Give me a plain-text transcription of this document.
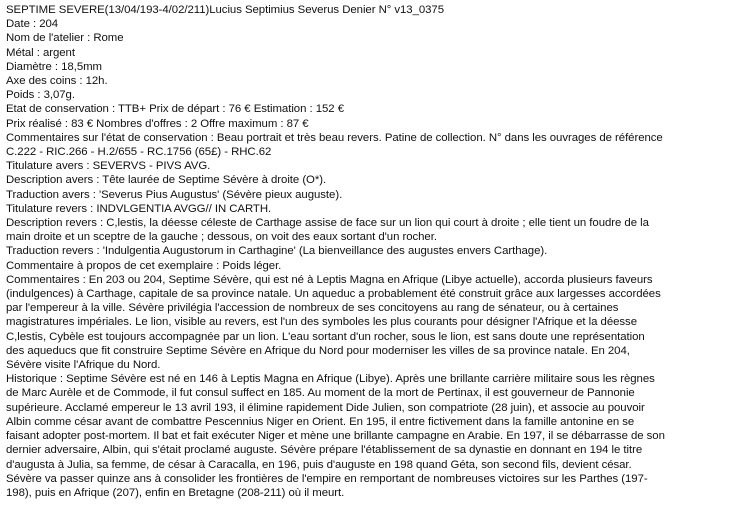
SEPTIME SEVERE(13/04/193-4/02/211)Lucius Septimius Severus Denier N° v13_0375
Date : 204
Nom de l'atelier : Rome
Métal : argent
Diamètre : 18,5mm
Axe des coins : 12h.
Poids : 3,07g.
Etat de conservation : TTB+ Prix de départ : 76 € Estimation : 152 €
Prix réalisé : 83 € Nombres d'offres : 2 Offre maximum : 87 €
Commentaires sur l'état de conservation : Beau portrait et très beau revers. Patine de collection. N° dans les ouvrages de référence
C.222 - RIC.266 - H.2/655 - RC.1756 (65£) - RHC.62
Titulature avers : SEVERVS - PIVS AVG.
Description avers : Tête laurée de Septime Sévère à droite (O*).
Traduction avers : 'Severus Pius Augustus' (Sévère pieux auguste).
Titulature revers : INDVLGENTIA AVGG// IN CARTH.
Description revers : C,lestis, la déesse céleste de Carthage assise de face sur un lion qui court à droite ; elle tient un foudre de la
main droite et un sceptre de la gauche ; dessous, on voit des eaux sortant d'un rocher.
Traduction revers : 'Indulgentia Augustorum in Carthagine' (La bienveillance des augustes envers Carthage).
Commentaire à propos de cet exemplaire : Poids léger.
Commentaires : En 203 ou 204, Septime Sévère, qui est né à Leptis Magna en Afrique (Libye actuelle), accorda plusieurs faveurs
(indulgences) à Carthage, capitale de sa province natale. Un aqueduc a probablement été construit grâce aux largesses accordées
par l'empereur à la ville. Sévère privilégia l'accession de nombreux de ses concitoyens au rang de sénateur, ou à certaines
magistratures impériales. Le lion, visible au revers, est l'un des symboles les plus courants pour désigner l'Afrique et la déesse
C,lestis, Cybèle est toujours accompagnée par un lion. L'eau sortant d'un rocher, sous le lion, est sans doute une représentation
des aqueducs que fit construire Septime Sévère en Afrique du Nord pour moderniser les villes de sa province natale. En 204,
Sévère visite l'Afrique du Nord.
Historique : Septime Sévère est né en 146 à Leptis Magna en Afrique (Libye). Après une brillante carrière militaire sous les règnes
de Marc Aurèle et de Commode, il fut consul suffect en 185. Au moment de la mort de Pertinax, il est gouverneur de Pannonie
supérieure. Acclamé empereur le 13 avril 193, il élimine rapidement Dide Julien, son compatriote (28 juin), et associe au pouvoir
Albin comme césar avant de combattre Pescennius Niger en Orient. En 195, il entre fictivement dans la famille antonine en se
faisant adopter post-mortem. Il bat et fait exécuter Niger et mène une brillante campagne en Arabie. En 197, il se débarrasse de son
dernier adversaire, Albin, qui s'était proclamé auguste. Sévère prépare l'établissement de sa dynastie en donnant en 194 le titre
d'augusta à Julia, sa femme, de césar à Caracalla, en 196, puis d'auguste en 198 quand Géta, son second fils, devient césar.
Sévère va passer quinze ans à consolider les frontières de l'empire en remportant de nombreuses victoires sur les Parthes (197-
198), puis en Afrique (207), enfin en Bretagne (208-211) où il meurt.
